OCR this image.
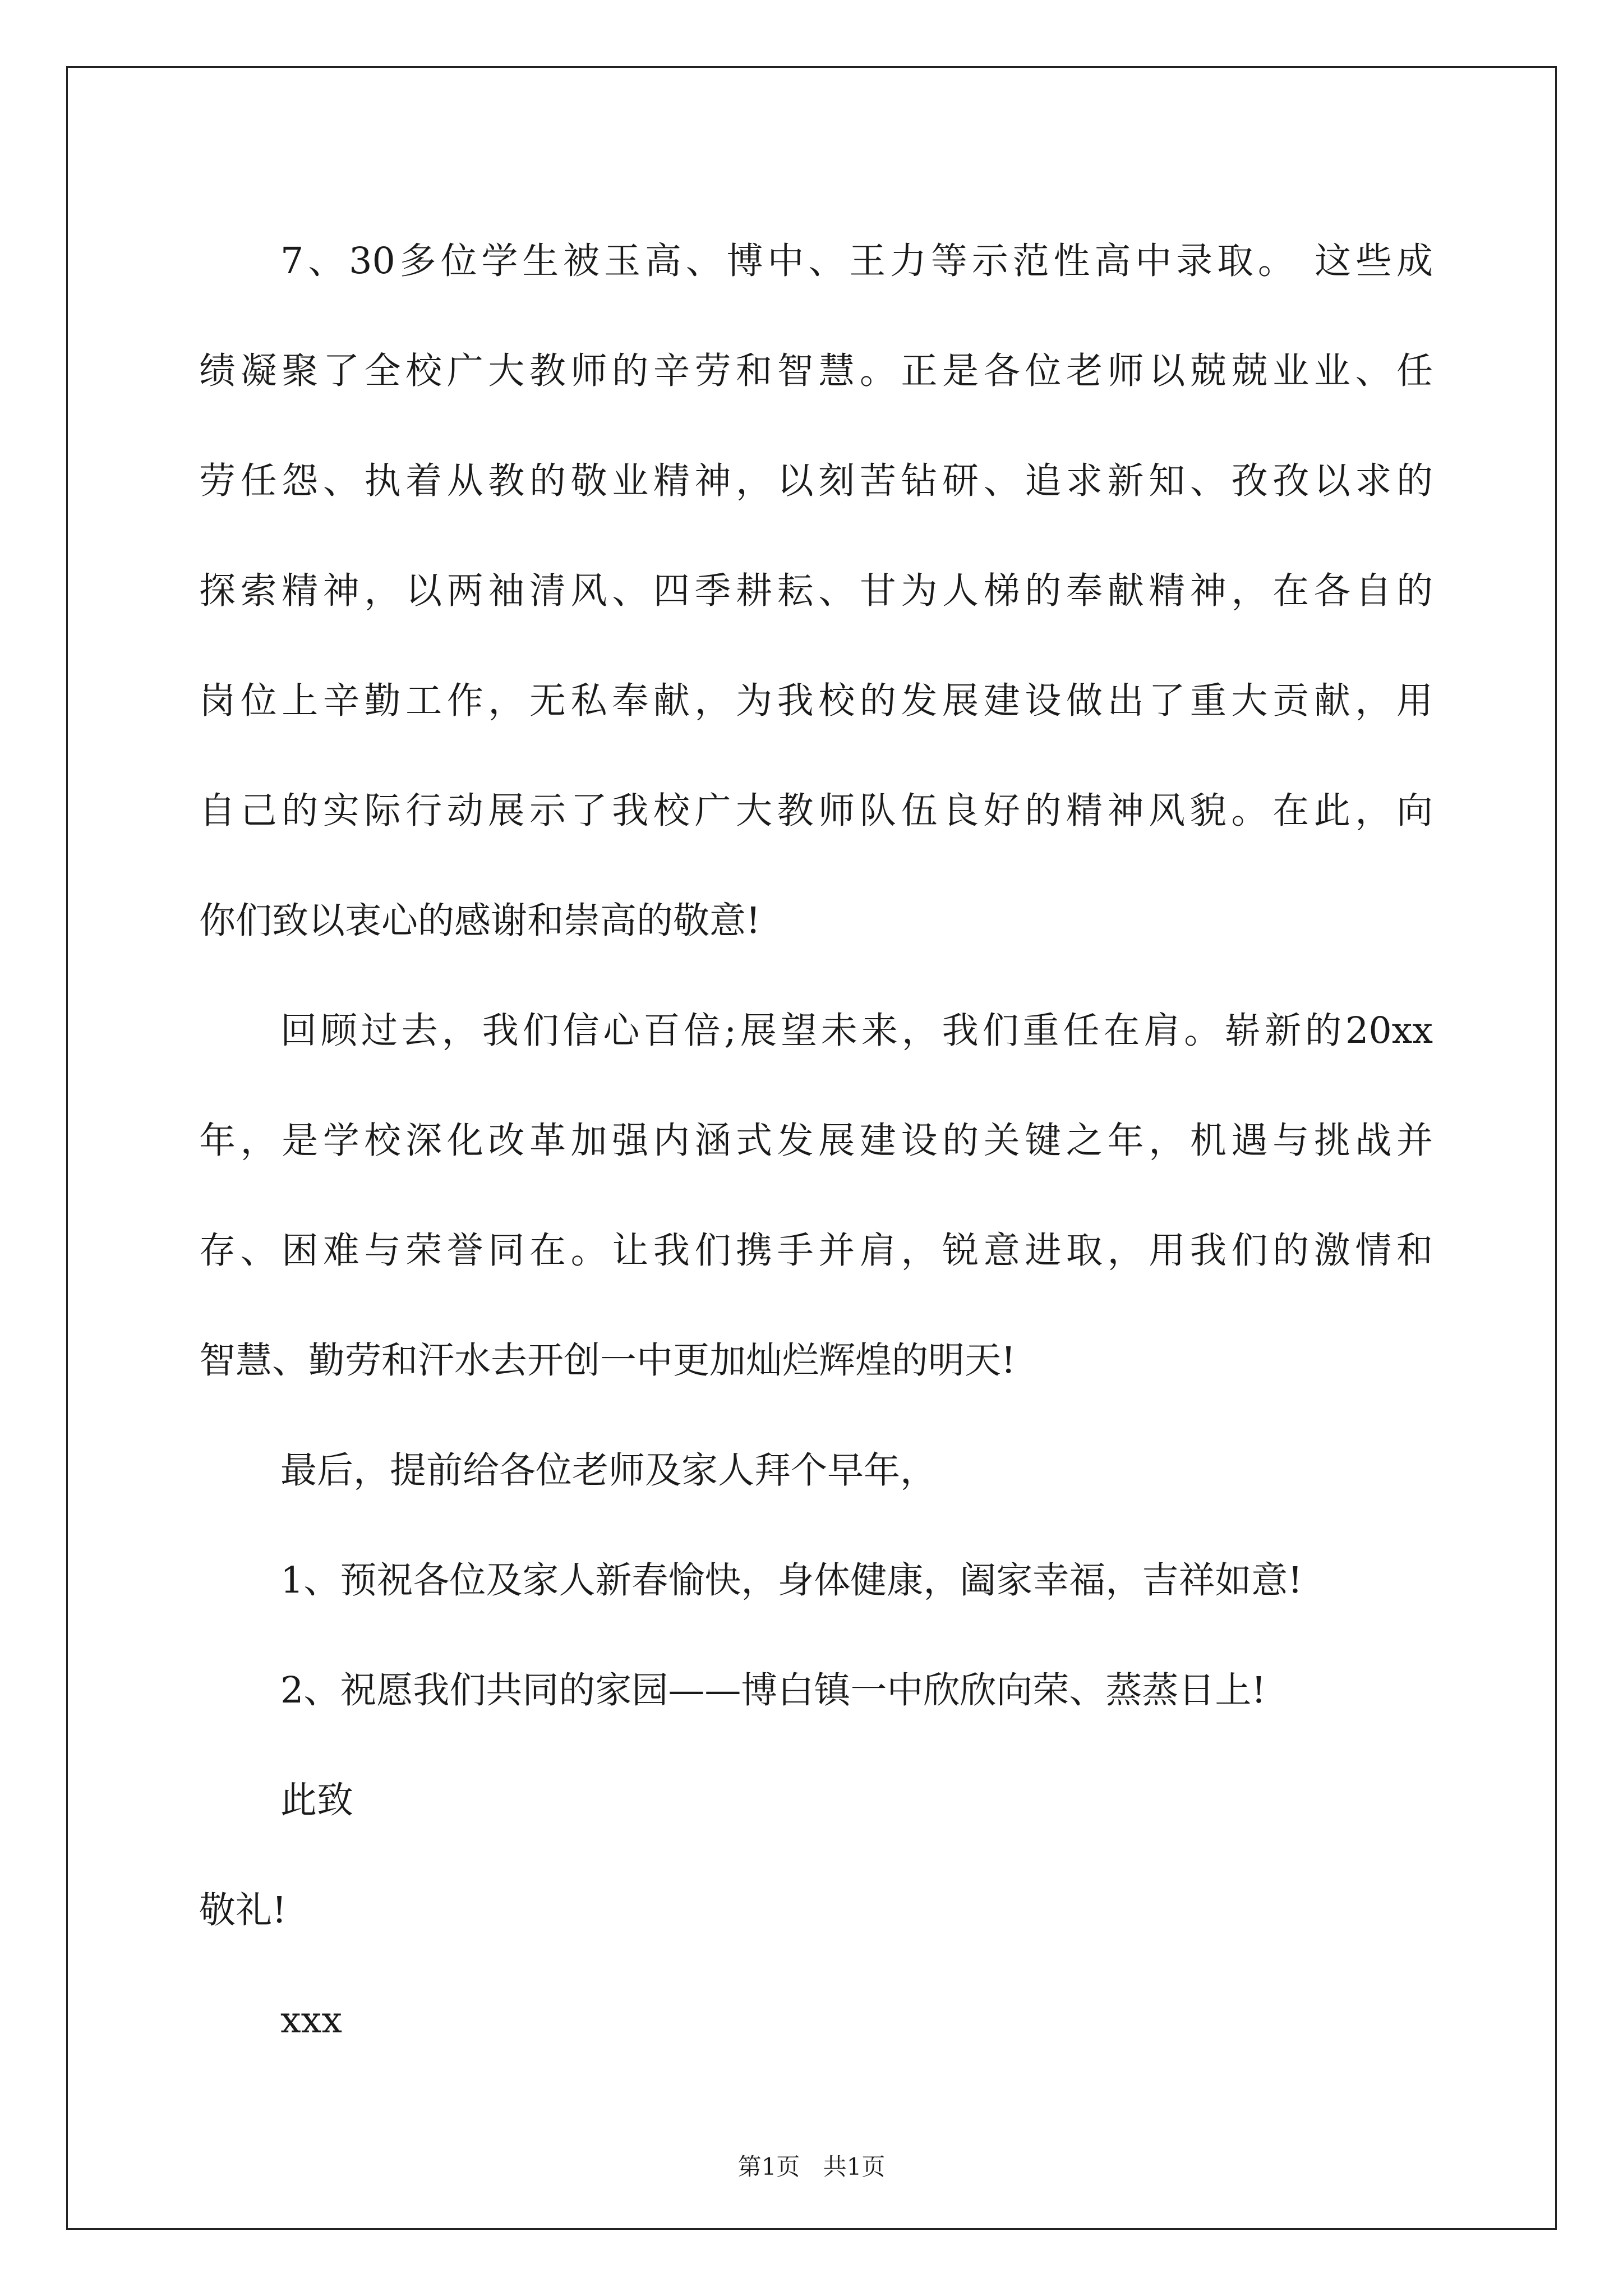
7、30多位学生被玉高、博中、王力等示范性高中录取。 这些成
绩凝聚了全校广大教师的辛劳和智慧。正是各位老师以兢兢业业、任
劳任怨、执着从教的敬业精神，以刻苦钻研、追求新知、孜孜以求的
探索精神，以两袖清风、四季耕耘、甘为人梯的奉献精神，在各自的
岗位上辛勤工作，无私奉献，为我校的发展建设做出了重大贡献，用
自己的实际行动展示了我校广大教师队伍良好的精神风貌。在此，向
你们致以衷心的感谢和崇高的敬意!
回顾过去，我们信心百倍;展望未来，我们重任在肩。崭新的20xx
年，是学校深化改革加强内涵式发展建设的关键之年，机遇与挑战并
存、困难与荣誉同在。让我们携手并肩，锐意进取，用我们的激情和
智慧、勤劳和汗水去开创一中更加灿烂辉煌的明天!
最后，提前给各位老师及家人拜个早年，
1、预祝各位及家人新春愉快，身体健康，阖家幸福，吉祥如意!
2、祝愿我们共同的家园——博白镇一中欣欣向荣、蒸蒸日上!
此致
敬礼!
xxx
第1页 共1页
